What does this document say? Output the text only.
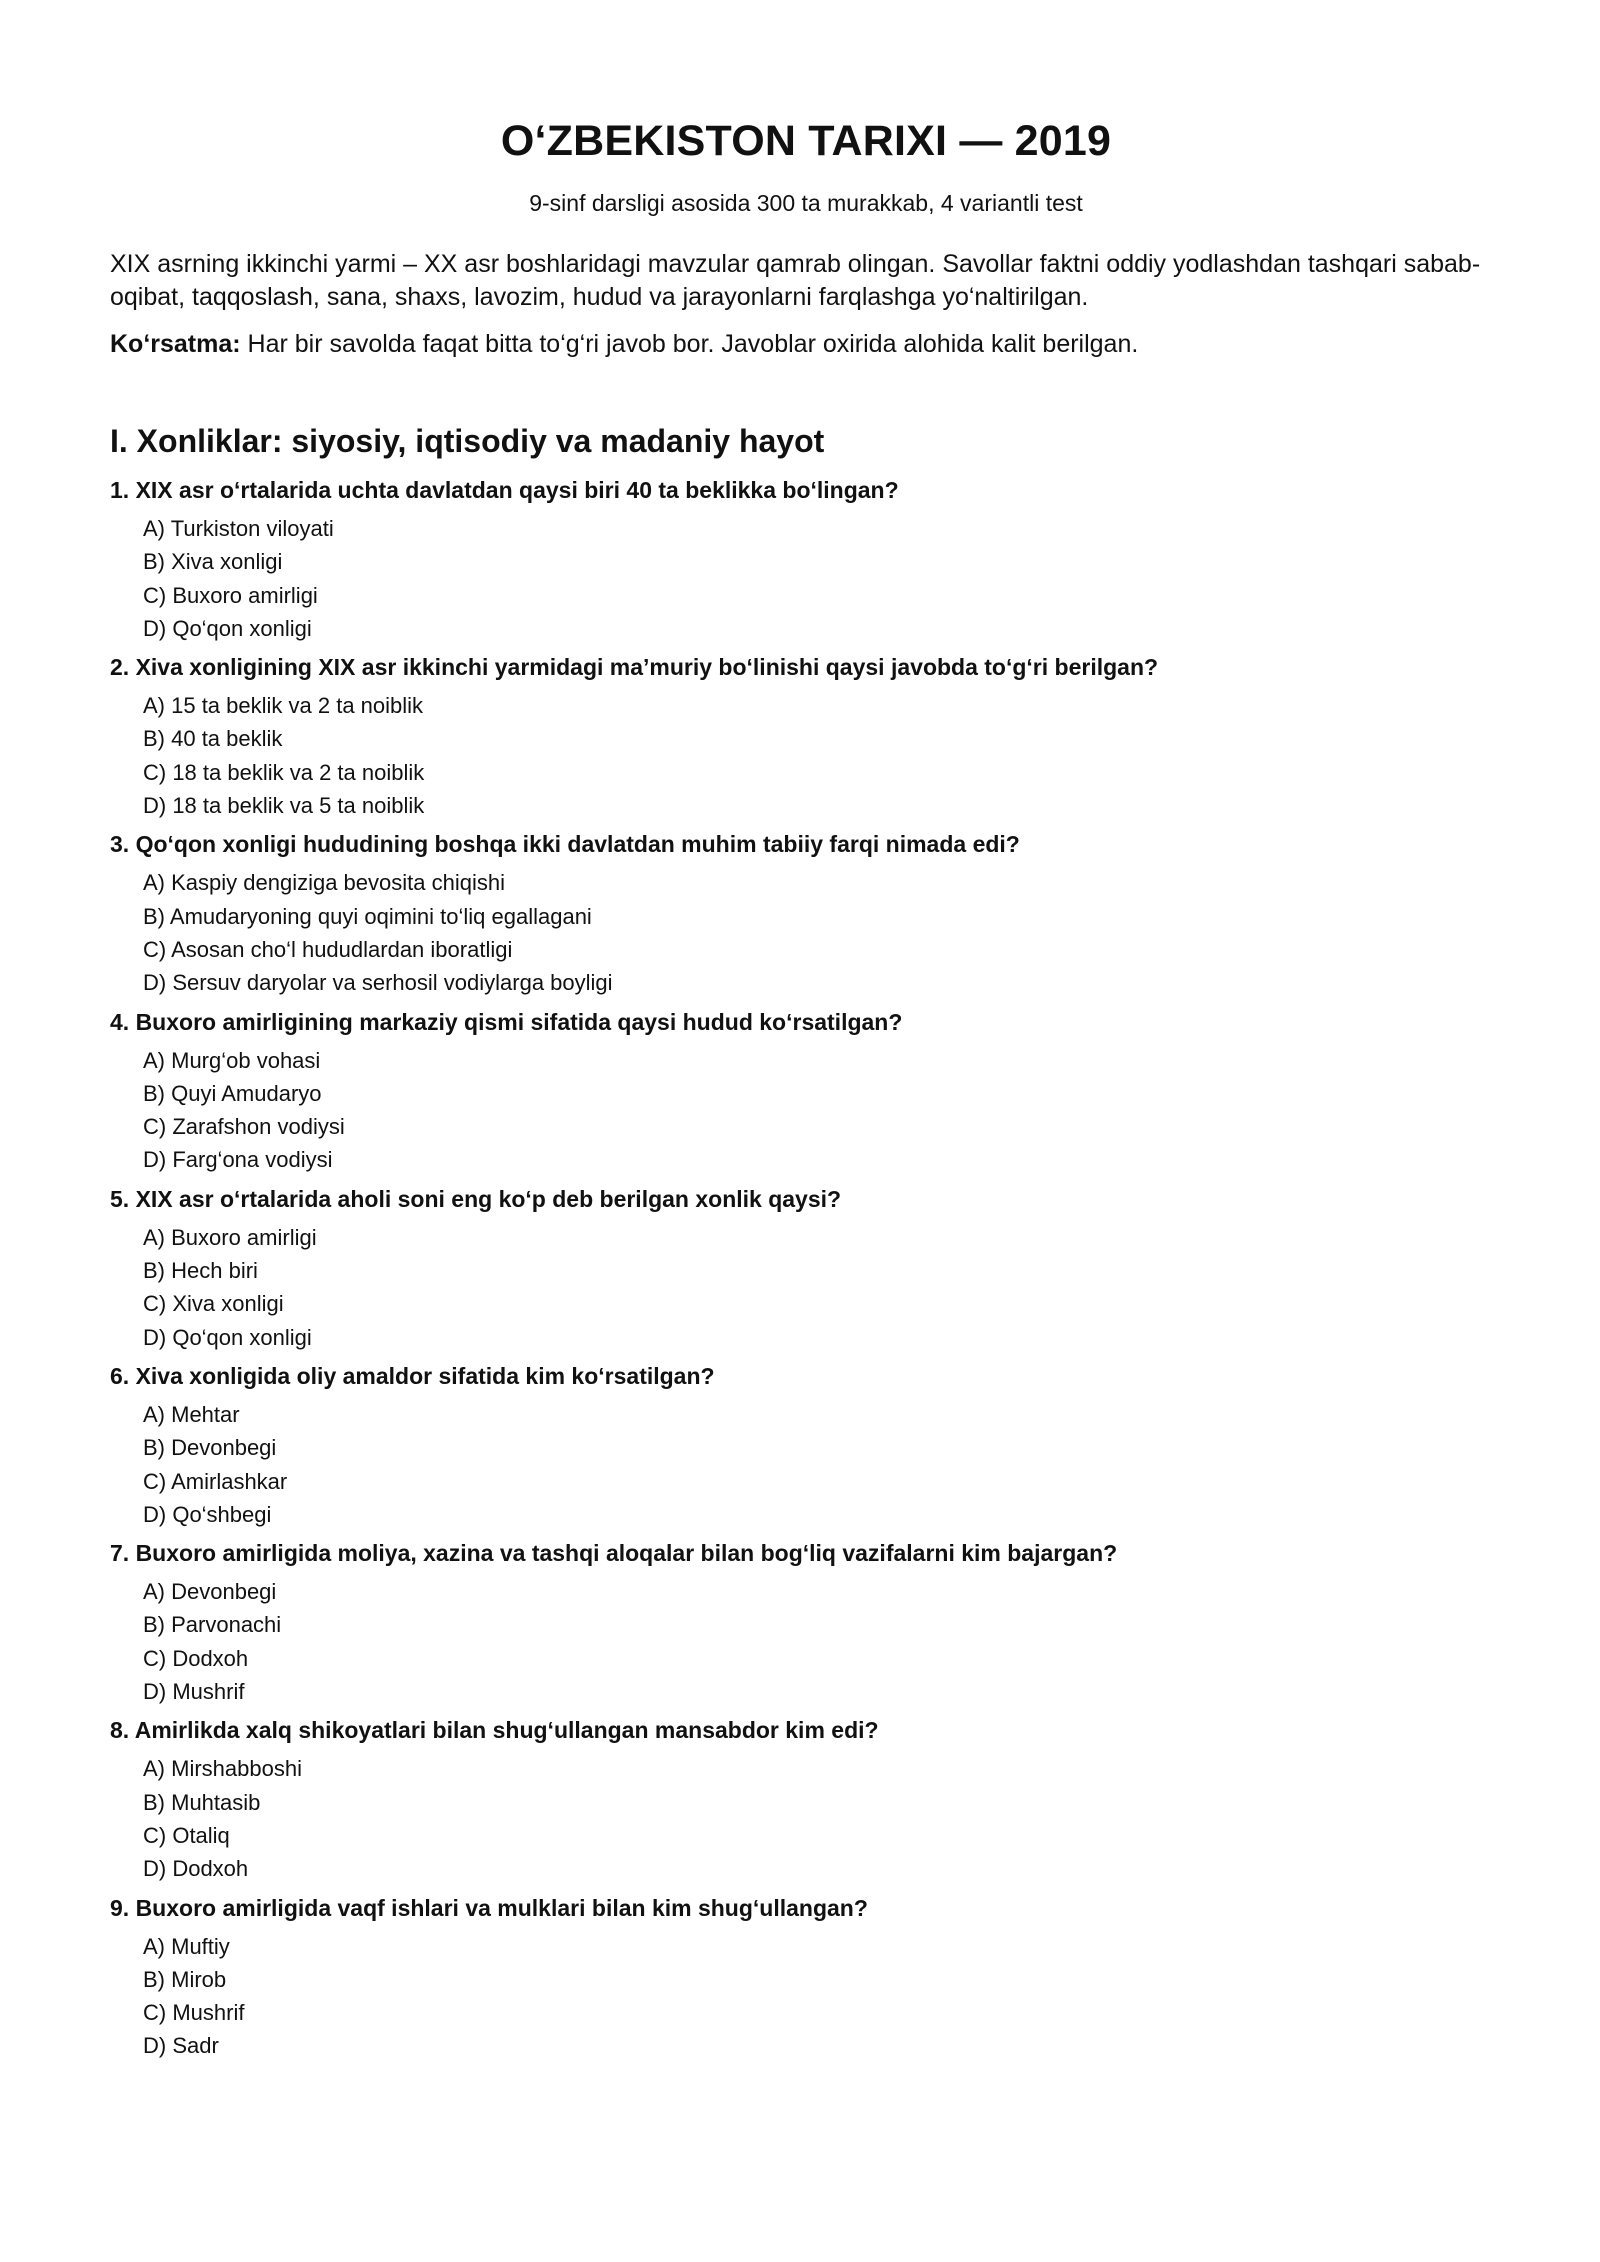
O‘ZBEKISTON TARIXI — 2019
9-sinf darsligi asosida 300 ta murakkab, 4 variantli test

XIX asrning ikkinchi yarmi – XX asr boshlaridagi mavzular qamrab olingan. Savollar faktni oddiy yodlashdan tashqari sabab-oqibat, taqqoslash, sana, shaxs, lavozim, hudud va jarayonlarni farqlashga yo‘naltirilgan.

Ko‘rsatma: Har bir savolda faqat bitta to‘g‘ri javob bor. Javoblar oxirida alohida kalit berilgan.

I. Xonliklar: siyosiy, iqtisodiy va madaniy hayot
1. XIX asr o‘rtalarida uchta davlatdan qaysi biri 40 ta beklikka bo‘lingan?
A) Turkiston viloyati
B) Xiva xonligi
C) Buxoro amirligi
D) Qo‘qon xonligi
2. Xiva xonligining XIX asr ikkinchi yarmidagi ma’muriy bo‘linishi qaysi javobda to‘g‘ri berilgan?
A) 15 ta beklik va 2 ta noiblik
B) 40 ta beklik
C) 18 ta beklik va 2 ta noiblik
D) 18 ta beklik va 5 ta noiblik
3. Qo‘qon xonligi hududining boshqa ikki davlatdan muhim tabiiy farqi nimada edi?
A) Kaspiy dengiziga bevosita chiqishi
B) Amudaryoning quyi oqimini to‘liq egallagani
C) Asosan cho‘l hududlardan iboratligi
D) Sersuv daryolar va serhosil vodiylarga boyligi
4. Buxoro amirligining markaziy qismi sifatida qaysi hudud ko‘rsatilgan?
A) Murg‘ob vohasi
B) Quyi Amudaryo
C) Zarafshon vodiysi
D) Farg‘ona vodiysi
5. XIX asr o‘rtalarida aholi soni eng ko‘p deb berilgan xonlik qaysi?
A) Buxoro amirligi
B) Hech biri
C) Xiva xonligi
D) Qo‘qon xonligi
6. Xiva xonligida oliy amaldor sifatida kim ko‘rsatilgan?
A) Mehtar
B) Devonbegi
C) Amirlashkar
D) Qo‘shbegi
7. Buxoro amirligida moliya, xazina va tashqi aloqalar bilan bog‘liq vazifalarni kim bajargan?
A) Devonbegi
B) Parvonachi
C) Dodxoh
D) Mushrif
8. Amirlikda xalq shikoyatlari bilan shug‘ullangan mansabdor kim edi?
A) Mirshabboshi
B) Muhtasib
C) Otaliq
D) Dodxoh
9. Buxoro amirligida vaqf ishlari va mulklari bilan kim shug‘ullangan?
A) Muftiy
B) Mirob
C) Mushrif
D) Sadr
